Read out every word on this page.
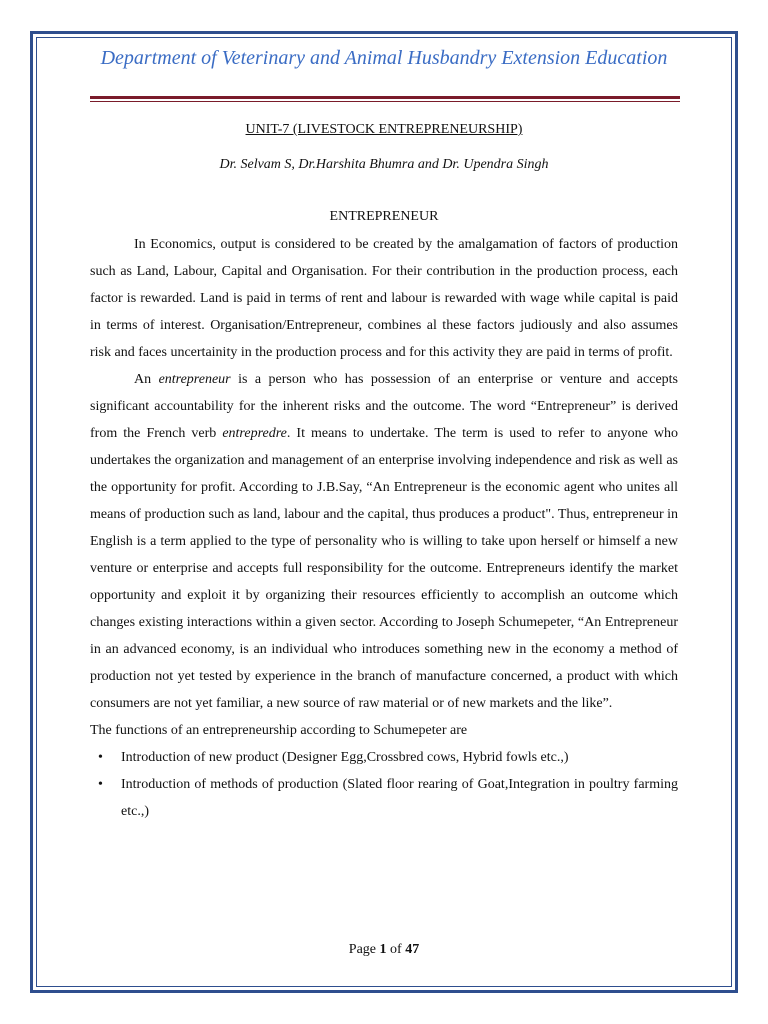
Department of Veterinary and Animal Husbandry Extension Education
UNIT-7 (LIVESTOCK ENTREPRENEURSHIP)
Dr. Selvam S, Dr.Harshita Bhumra and Dr. Upendra Singh
ENTREPRENEUR

In Economics, output is considered to be created by the amalgamation of factors of production such as Land, Labour, Capital and Organisation. For their contribution in the production process, each factor is rewarded. Land is paid in terms of rent and labour is rewarded with wage while capital is paid in terms of interest. Organisation/Entrepreneur, combines al these factors judiously and also assumes risk and faces uncertainity in the production process and for this activity they are paid in terms of profit.

An entrepreneur is a person who has possession of an enterprise or venture and accepts significant accountability for the inherent risks and the outcome. The word “Entrepreneur” is derived from the French verb entrepredre. It means to undertake. The term is used to refer to anyone who undertakes the organization and management of an enterprise involving independence and risk as well as the opportunity for profit. According to J.B.Say, “An Entrepreneur is the economic agent who unites all means of production such as land, labour and the capital, thus produces a product". Thus, entrepreneur in English is a term applied to the type of personality who is willing to take upon herself or himself a new venture or enterprise and accepts full responsibility for the outcome. Entrepreneurs identify the market opportunity and exploit it by organizing their resources efficiently to accomplish an outcome which changes existing interactions within a given sector. According to Joseph Schumepeter, “An Entrepreneur in an advanced economy, is an individual who introduces something new in the economy a method of production not yet tested by experience in the branch of manufacture concerned, a product with which consumers are not yet familiar, a new source of raw material or of new markets and the like”.

The functions of an entrepreneurship according to Schumepeter are

• Introduction of new product (Designer Egg,Crossbred cows, Hybrid fowls etc.,)
• Introduction of methods of production (Slated floor rearing of Goat,Integration in poultry farming etc.,)
Page 1 of 47
